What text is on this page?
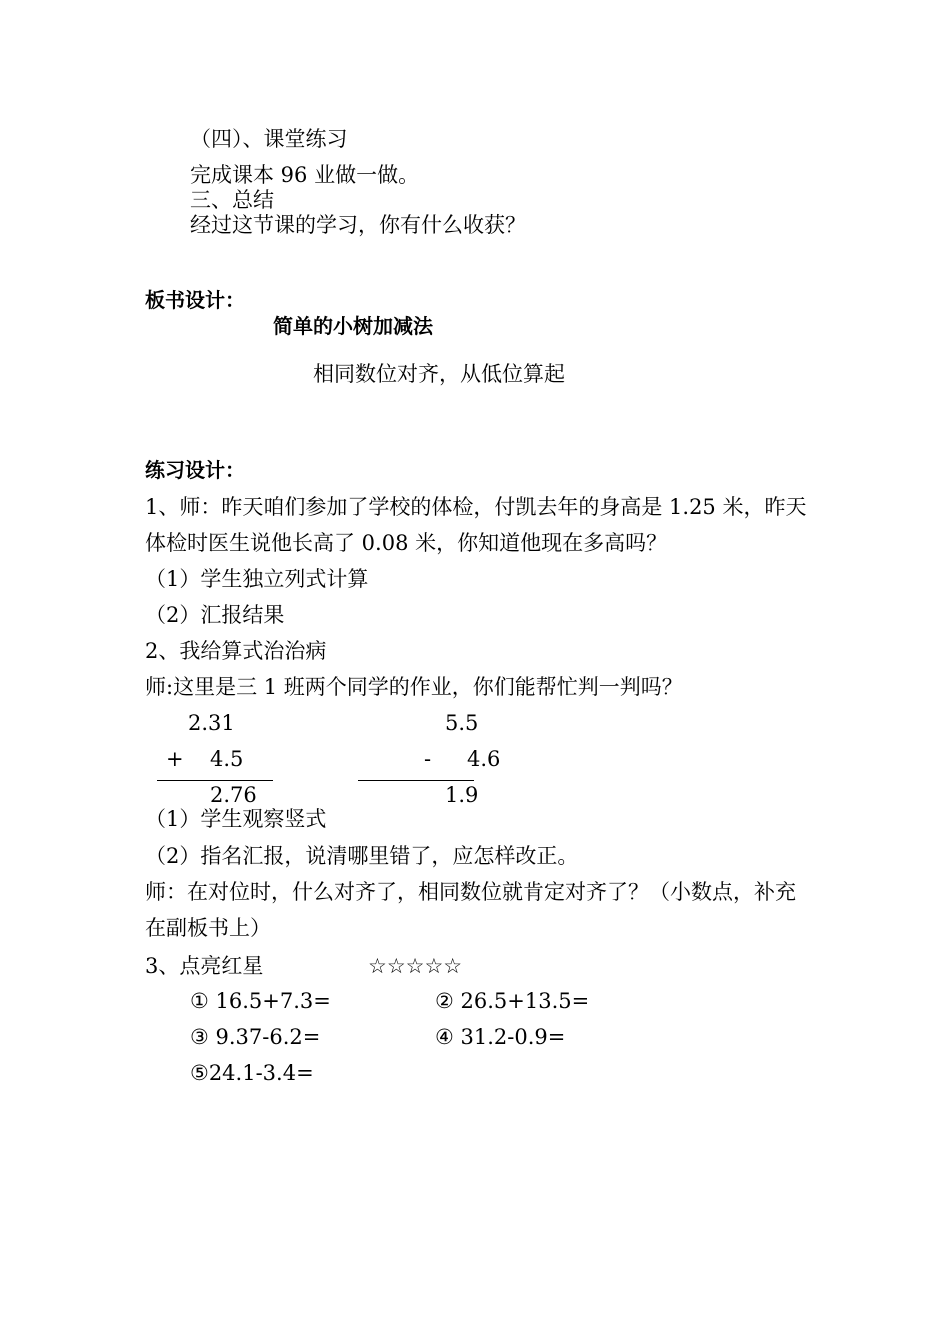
（四）、课堂练习
完成课本 96 业做一做。
三、总结
经过这节课的学习，你有什么收获？
板书设计：
简单的小树加减法
相同数位对齐，从低位算起
练习设计：
1、师：昨天咱们参加了学校的体检，付凯去年的身高是 1.25 米，昨天
体检时医生说他长高了 0.08 米，你知道他现在多高吗？
（1）学生独立列式计算
（2）汇报结果
2、我给算式治治病
师:这里是三 1 班两个同学的作业，你们能帮忙判一判吗？
2.31
+ 4.5
2.76
5.5
- 4.6
1.9
（1）学生观察竖式
（2）指名汇报，说清哪里错了，应怎样改正。
师：在对位时，什么对齐了，相同数位就肯定对齐了？（小数点，补充
在副板书上）
3、点亮红星	☆☆☆☆☆
① 16.5+7.3=	② 26.5+13.5=
③ 9.37-6.2=	④ 31.2-0.9=
⑤24.1-3.4=
